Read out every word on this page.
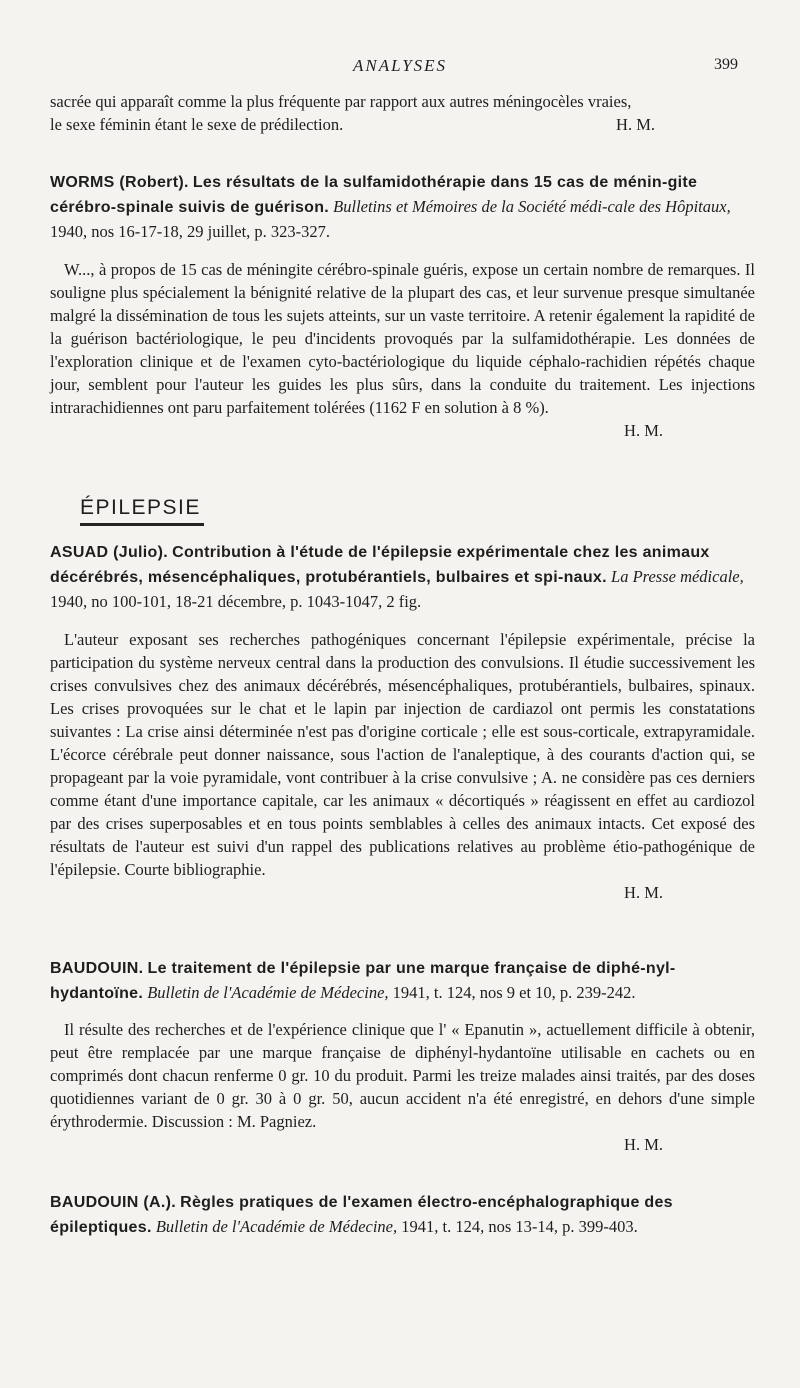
ANALYSES	399

sacrée qui apparaît comme la plus fréquente par rapport aux autres méningocèles vraies,

le sexe féminin étant le sexe de prédilection.	H. M.

WORMS (Robert). Les résultats de la sulfamidothérapie dans 15 cas de ménin-gite cérébro-spinale suivis de guérison. Bulletins et Mémoires de la Société médi-cale des Hôpitaux, 1940, nos 16-17-18, 29 juillet, p. 323-327.

W..., à propos de 15 cas de méningite cérébro-spinale guéris, expose un certain nombre de remarques. Il souligne plus spécialement la bénignité relative de la plupart des cas, et leur survenue presque simultanée malgré la dissémination de tous les sujets atteints, sur un vaste territoire. A retenir également la rapidité de la guérison bactériologique, le peu d'incidents provoqués par la sulfamidothérapie. Les données de l'exploration clinique et de l'examen cyto-bactériologique du liquide céphalo-rachidien répétés chaque jour, semblent pour l'auteur les guides les plus sûrs, dans la conduite du traitement. Les injections intrarachidiennes ont paru parfaitement tolérées (1162 F en solution à 8 %).

H. M.

ÉPILEPSIE
ASUAD (Julio). Contribution à l'étude de l'épilepsie expérimentale chez les animaux décérébrés, mésencéphaliques, protubérantiels, bulbaires et spi-naux. La Presse médicale, 1940, no 100-101, 18-21 décembre, p. 1043-1047, 2 fig.

L'auteur exposant ses recherches pathogéniques concernant l'épilepsie expérimentale, précise la participation du système nerveux central dans la production des convulsions. Il étudie successivement les crises convulsives chez des animaux décérébrés, mésencéphaliques, protubérantiels, bulbaires, spinaux. Les crises provoquées sur le chat et le lapin par injection de cardiazol ont permis les constatations suivantes : La crise ainsi déterminée n'est pas d'origine corticale ; elle est sous-corticale, extrapyramidale. L'écorce cérébrale peut donner naissance, sous l'action de l'analeptique, à des courants d'action qui, se propageant par la voie pyramidale, vont contribuer à la crise convulsive ; A. ne considère pas ces derniers comme étant d'une importance capitale, car les animaux « décortiqués » réagissent en effet au cardiozol par des crises superposables et en tous points semblables à celles des animaux intacts. Cet exposé des résultats de l'auteur est suivi d'un rappel des publications relatives au problème étio-pathogénique de l'épilepsie. Courte bibliographie.

H. M.

BAUDOUIN. Le traitement de l'épilepsie par une marque française de diphé-nyl-hydantoïne. Bulletin de l'Académie de Médecine, 1941, t. 124, nos 9 et 10, p. 239-242.

Il résulte des recherches et de l'expérience clinique que l' « Epanutin », actuellement difficile à obtenir, peut être remplacée par une marque française de diphényl-hydantoïne utilisable en cachets ou en comprimés dont chacun renferme 0 gr. 10 du produit. Parmi les treize malades ainsi traités, par des doses quotidiennes variant de 0 gr. 30 à 0 gr. 50, aucun accident n'a été enregistré, en dehors d'une simple érythrodermie. Discussion : M. Pagniez.

H. M.

BAUDOUIN (A.). Règles pratiques de l'examen électro-encéphalographique des épileptiques. Bulletin de l'Académie de Médecine, 1941, t. 124, nos 13-14, p. 399-403.
